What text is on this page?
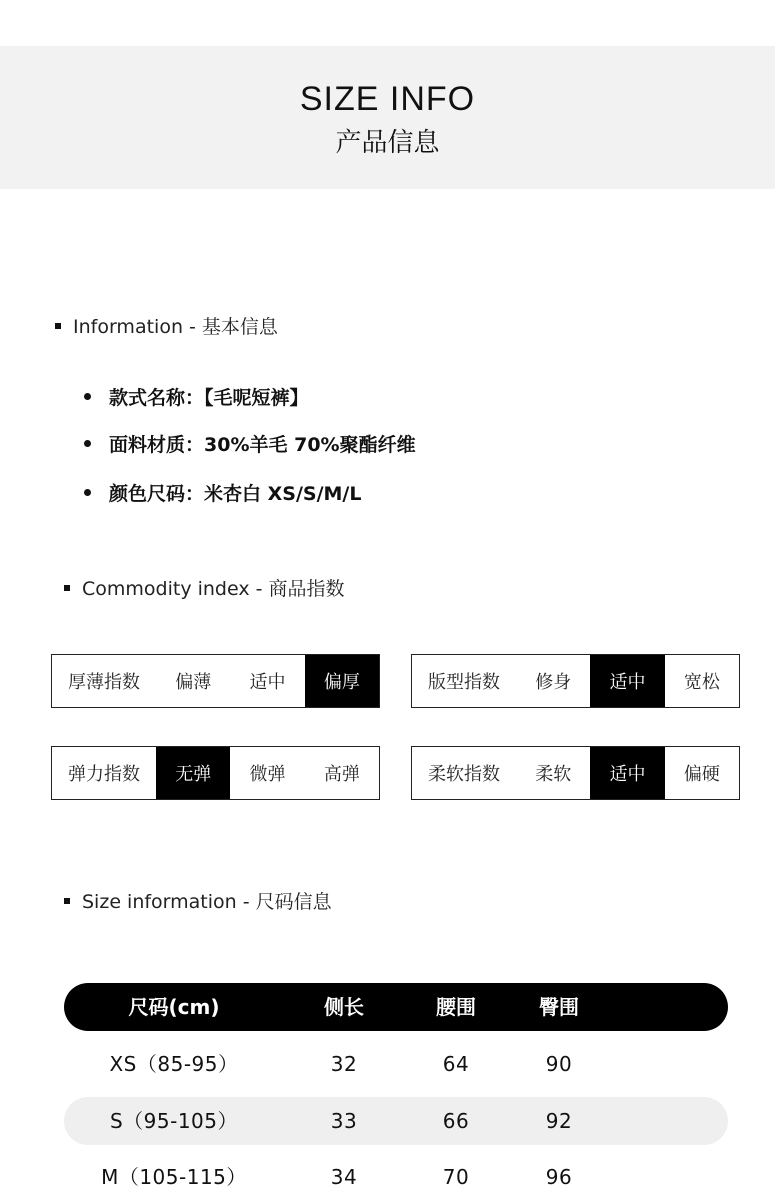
SIZE INFO
产品信息
Information - 基本信息
款式名称：【毛呢短裤】
面料材质：30%羊毛 70%聚酯纤维
颜色尺码：米杏白 XS/S/M/L
Commodity index - 商品指数
厚薄指数	偏薄	适中	偏厚	版型指数	修身	适中	宽松
弹力指数	无弹	微弹	高弹	柔软指数	柔软	适中	偏硬
Size information - 尺码信息
尺码(cm)	侧长	腰围	臀围
XS（85-95）	32	64	90
S（95-105）	33	66	92
M（105-115）	34	70	96
